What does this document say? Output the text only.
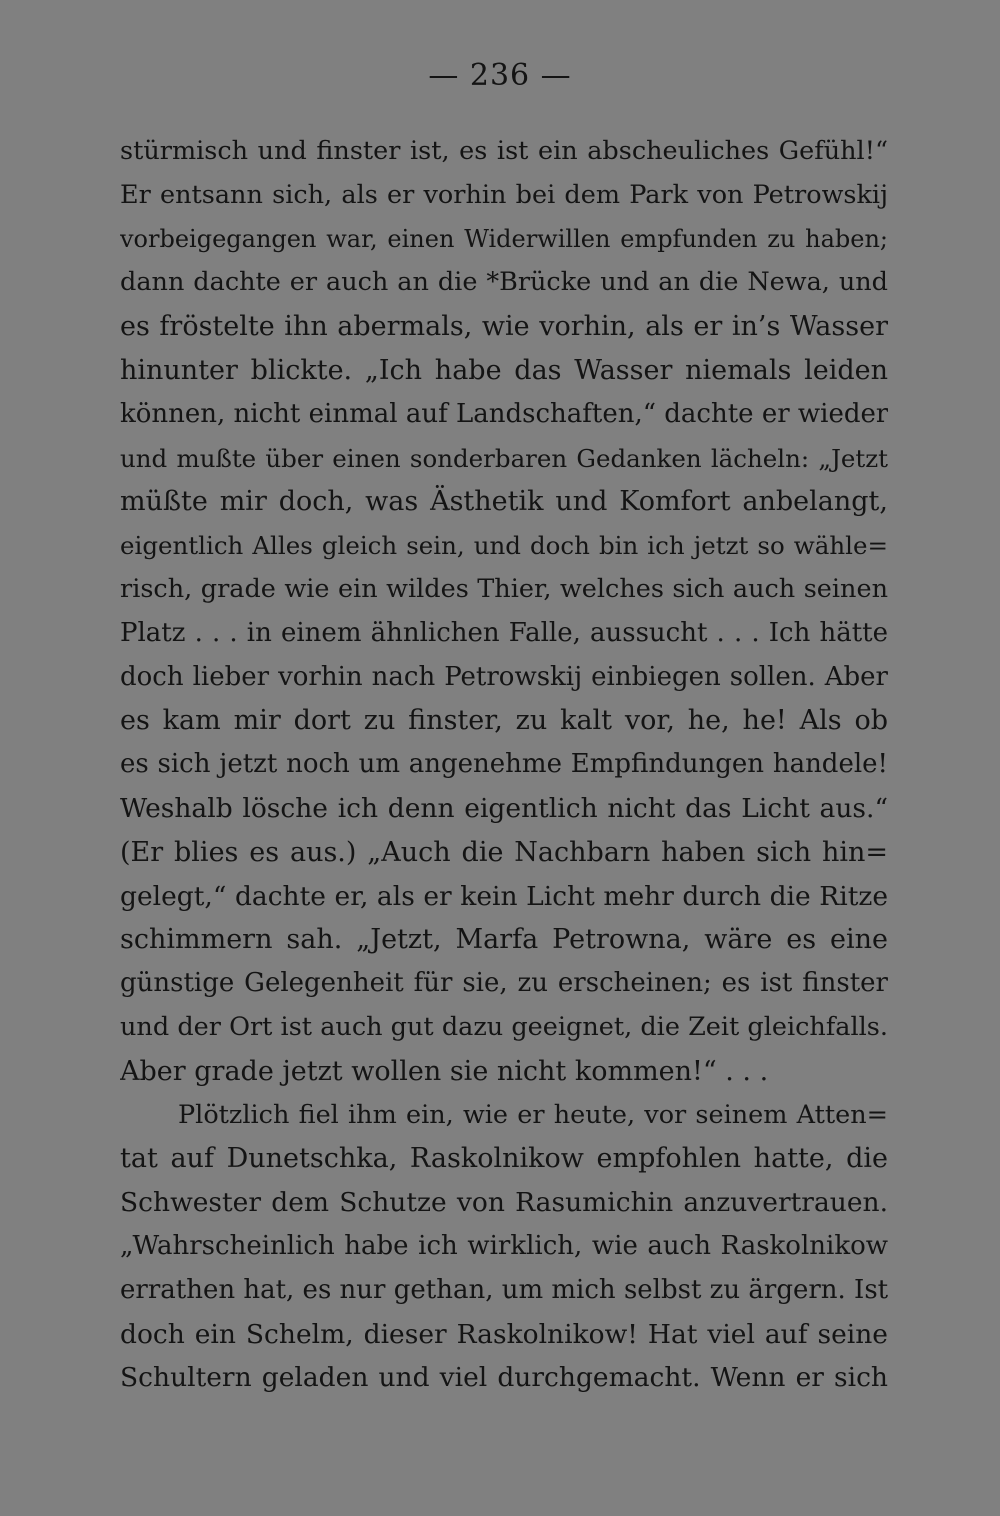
— 236 —
stürmisch und finster ist, es ist ein abscheuliches Gefühl!“
Er entsann sich, als er vorhin bei dem Park von Petrowskij
vorbeigegangen war, einen Widerwillen empfunden zu haben;
dann dachte er auch an die *Brücke und an die Newa, und
es fröstelte ihn abermals, wie vorhin, als er in’s Wasser
hinunter blickte. „Ich habe das Wasser niemals leiden
können, nicht einmal auf Landschaften,“ dachte er wieder
und mußte über einen sonderbaren Gedanken lächeln: „Jetzt
müßte mir doch, was Ästhetik und Komfort anbelangt,
eigentlich Alles gleich sein, und doch bin ich jetzt so wähle=
risch, grade wie ein wildes Thier, welches sich auch seinen
Platz . . . in einem ähnlichen Falle, aussucht . . . Ich hätte
doch lieber vorhin nach Petrowskij einbiegen sollen. Aber
es kam mir dort zu finster, zu kalt vor, he, he! Als ob
es sich jetzt noch um angenehme Empfindungen handele!
Weshalb lösche ich denn eigentlich nicht das Licht aus.“
(Er blies es aus.) „Auch die Nachbarn haben sich hin=
gelegt,“ dachte er, als er kein Licht mehr durch die Ritze
schimmern sah. „Jetzt, Marfa Petrowna, wäre es eine
günstige Gelegenheit für sie, zu erscheinen; es ist finster
und der Ort ist auch gut dazu geeignet, die Zeit gleichfalls.
Aber grade jetzt wollen sie nicht kommen!“ . . .
Plötzlich fiel ihm ein, wie er heute, vor seinem Atten=
tat auf Dunetschka, Raskolnikow empfohlen hatte, die
Schwester dem Schutze von Rasumichin anzuvertrauen.
„Wahrscheinlich habe ich wirklich, wie auch Raskolnikow
errathen hat, es nur gethan, um mich selbst zu ärgern. Ist
doch ein Schelm, dieser Raskolnikow! Hat viel auf seine
Schultern geladen und viel durchgemacht. Wenn er sich
